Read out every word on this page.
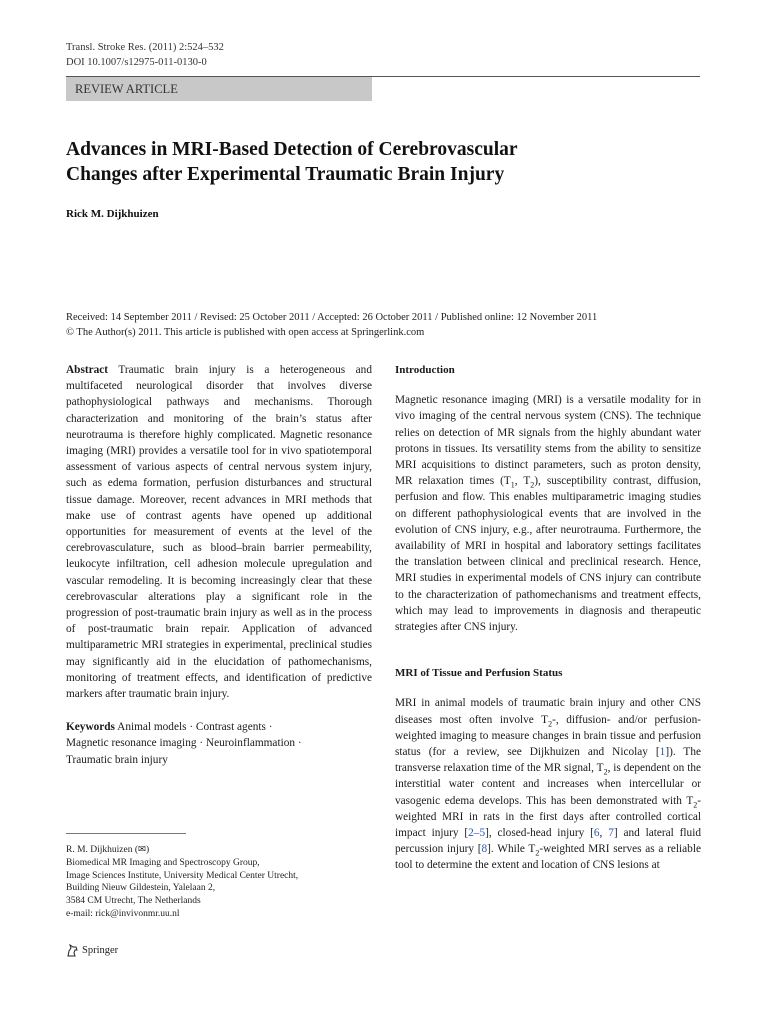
Transl. Stroke Res. (2011) 2:524–532
DOI 10.1007/s12975-011-0130-0
REVIEW ARTICLE
Advances in MRI-Based Detection of Cerebrovascular
Changes after Experimental Traumatic Brain Injury
Rick M. Dijkhuizen
Received: 14 September 2011 / Revised: 25 October 2011 / Accepted: 26 October 2011 / Published online: 12 November 2011
© The Author(s) 2011. This article is published with open access at Springerlink.com

Abstract Traumatic brain injury is a heterogeneous and multifaceted neurological disorder that involves diverse pathophysiological pathways and mechanisms. Thorough characterization and monitoring of the brain’s status after neurotrauma is therefore highly complicated. Magnetic resonance imaging (MRI) provides a versatile tool for in vivo spatiotemporal assessment of various aspects of central nervous system injury, such as edema formation, perfusion disturbances and structural tissue damage. Moreover, recent advances in MRI methods that make use of contrast agents have opened up additional opportunities for measurement of events at the level of the cerebrovasculature, such as blood–brain barrier permeability, leukocyte infiltration, cell adhesion molecule upregulation and vascular remodeling. It is becoming increasingly clear that these cerebrovascular alterations play a significant role in the progression of post-traumatic brain injury as well as in the process of post-traumatic brain repair. Application of advanced multiparametric MRI strategies in experimental, preclinical studies may significantly aid in the elucidation of pathomechanisms, monitoring of treatment effects, and identification of predictive markers after traumatic brain injury.

Keywords Animal models · Contrast agents ·
Magnetic resonance imaging · Neuroinflammation ·
Traumatic brain injury

R. M. Dijkhuizen (✉)
Biomedical MR Imaging and Spectroscopy Group,
Image Sciences Institute, University Medical Center Utrecht,
Building Nieuw Gildestein, Yalelaan 2,
3584 CM Utrecht, The Netherlands
e-mail: rick@invivonmr.uu.nl
Springer

Introduction

Magnetic resonance imaging (MRI) is a versatile modality for in vivo imaging of the central nervous system (CNS). The technique relies on detection of MR signals from the highly abundant water protons in tissues. Its versatility stems from the ability to sensitize MRI acquisitions to distinct parameters, such as proton density, MR relaxation times ($T_1$, $T_2$), susceptibility contrast, diffusion, perfusion and flow. This enables multiparametric imaging studies on different pathophysiological events that are involved in the evolution of CNS injury, e.g., after neurotrauma. Furthermore, the availability of MRI in hospital and laboratory settings facilitates the translation between clinical and preclinical research. Hence, MRI studies in experimental models of CNS injury can contribute to the characterization of pathomechanisms and treatment effects, which may lead to improvements in diagnosis and therapeutic strategies after CNS injury.

MRI of Tissue and Perfusion Status

MRI in animal models of traumatic brain injury and other CNS diseases most often involve $T_2-$, diffusion- and/or perfusion-weighted imaging to measure changes in brain tissue and perfusion status (for a review, see Dijkhuizen and Nicolay [1]). The transverse relaxation time of the MR signal, $T_2$, is dependent on the interstitial water content and increases when intercellular or vasogenic edema develops. This has been demonstrated with $T_2$-weighted MRI in rats in the first days after controlled cortical impact injury [2–5], closed-head injury [6, 7] and lateral fluid percussion injury [8]. While $T_2$-weighted MRI serves as a reliable tool to determine the extent and location of CNS lesions at
